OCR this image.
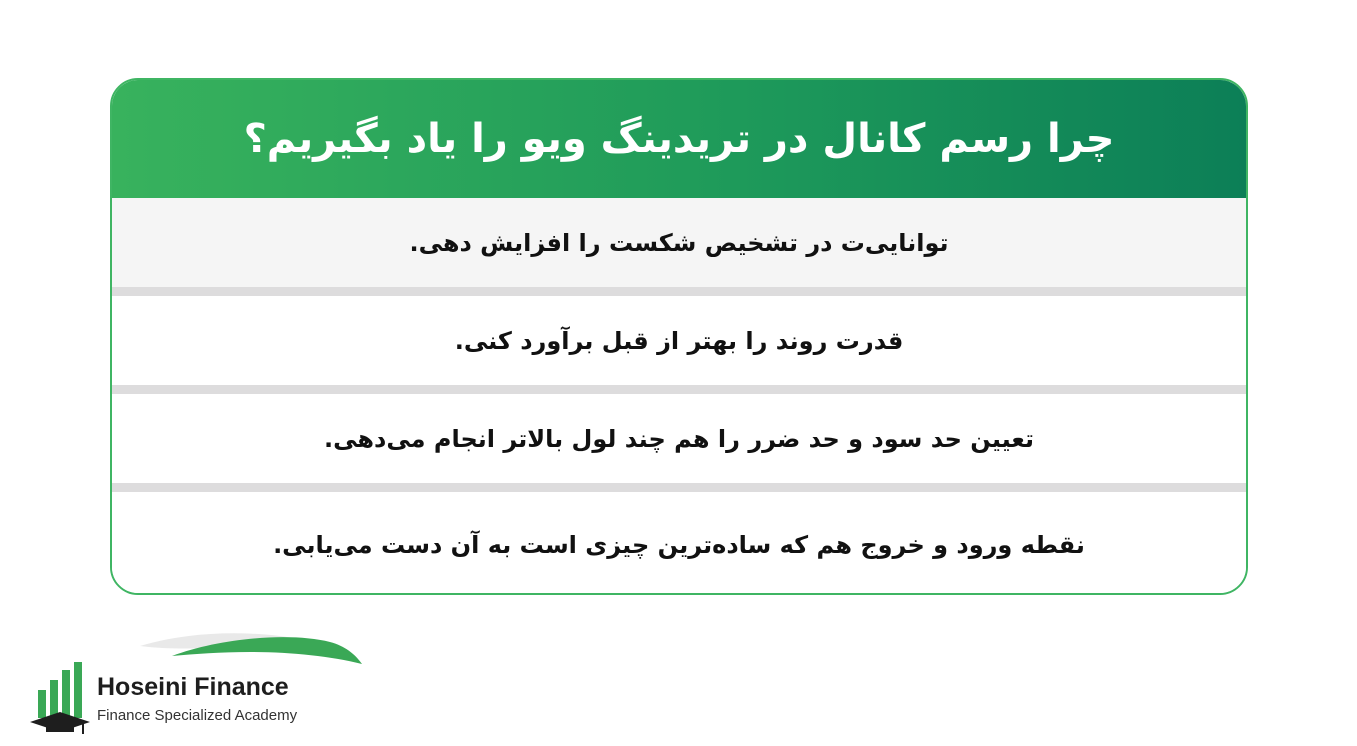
چرا رسم کانال در تریدینگ ویو را یاد بگیریم؟
توانایی‌ت در تشخیص شکست را افزایش دهی.
قدرت روند را بهتر از قبل برآورد کنی.
تعیین حد سود و حد ضرر را هم چند لول بالاتر انجام می‌دهی.
نقطه ورود و خروج هم که ساده‌ترین چیزی است به آن دست می‌یابی.
Hoseini Finance
Finance Specialized Academy
